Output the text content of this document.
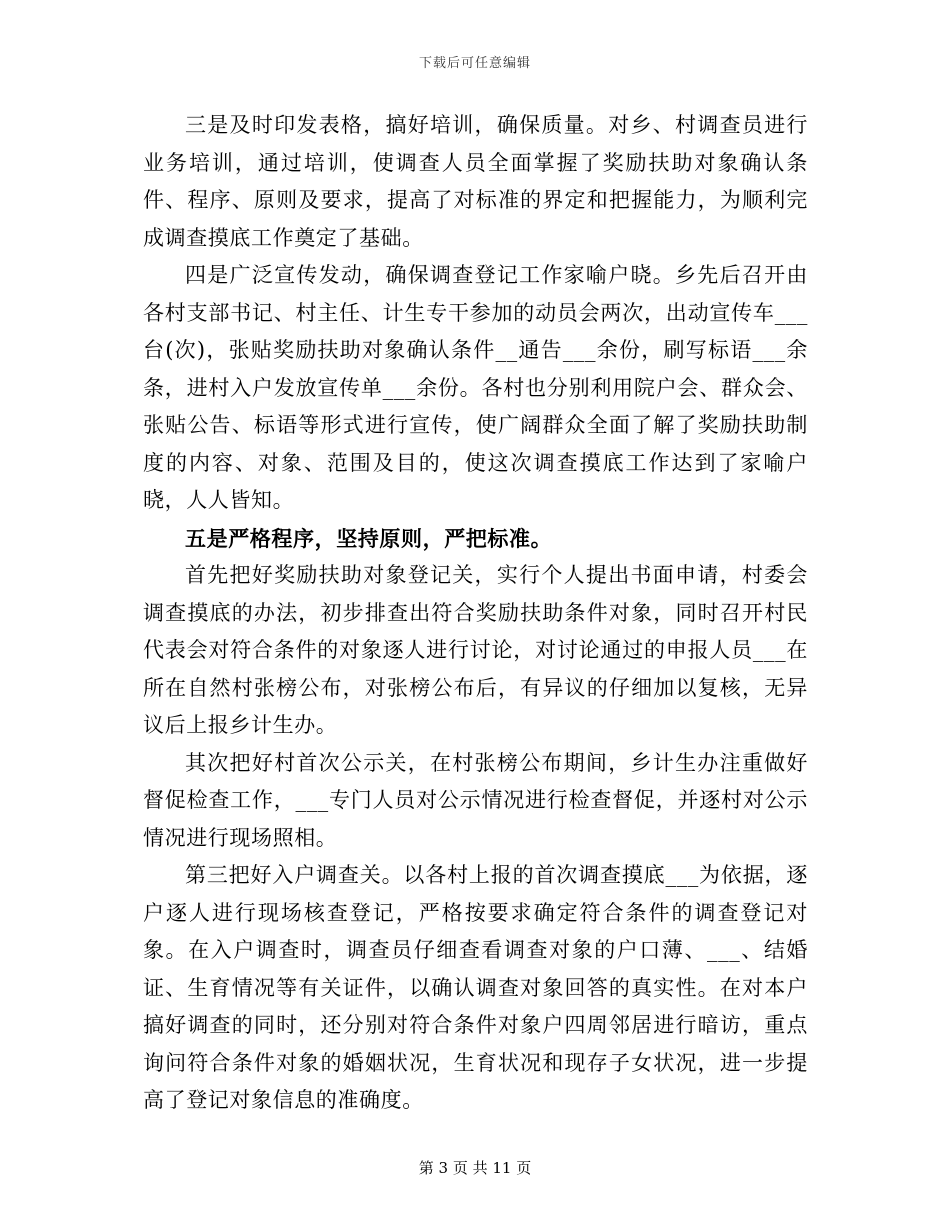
下载后可任意编辑

三是及时印发表格，搞好培训，确保质量。对乡、村调查员进行业务培训，通过培训，使调查人员全面掌握了奖励扶助对象确认条件、程序、原则及要求，提高了对标准的界定和把握能力，为顺利完成调查摸底工作奠定了基础。

四是广泛宣传发动，确保调查登记工作家喻户晓。乡先后召开由各村支部书记、村主任、计生专干参加的动员会两次，出动宣传车___台(次)，张贴奖励扶助对象确认条件__通告___余份，刷写标语___余条，进村入户发放宣传单___余份。各村也分别利用院户会、群众会、张贴公告、标语等形式进行宣传，使广阔群众全面了解了奖励扶助制度的内容、对象、范围及目的，使这次调查摸底工作达到了家喻户晓，人人皆知。

五是严格程序，坚持原则，严把标准。

首先把好奖励扶助对象登记关，实行个人提出书面申请，村委会调查摸底的办法，初步排查出符合奖励扶助条件对象，同时召开村民代表会对符合条件的对象逐人进行讨论，对讨论通过的申报人员___在所在自然村张榜公布，对张榜公布后，有异议的仔细加以复核，无异议后上报乡计生办。

其次把好村首次公示关，在村张榜公布期间，乡计生办注重做好督促检查工作，___专门人员对公示情况进行检查督促，并逐村对公示情况进行现场照相。

第三把好入户调查关。以各村上报的首次调查摸底___为依据，逐户逐人进行现场核查登记，严格按要求确定符合条件的调查登记对象。在入户调查时，调查员仔细查看调查对象的户口薄、___、结婚证、生育情况等有关证件，以确认调查对象回答的真实性。在对本户搞好调查的同时，还分别对符合条件对象户四周邻居进行暗访，重点询问符合条件对象的婚姻状况，生育状况和现存子女状况，进一步提高了登记对象信息的准确度。

第 3 页 共 11 页
